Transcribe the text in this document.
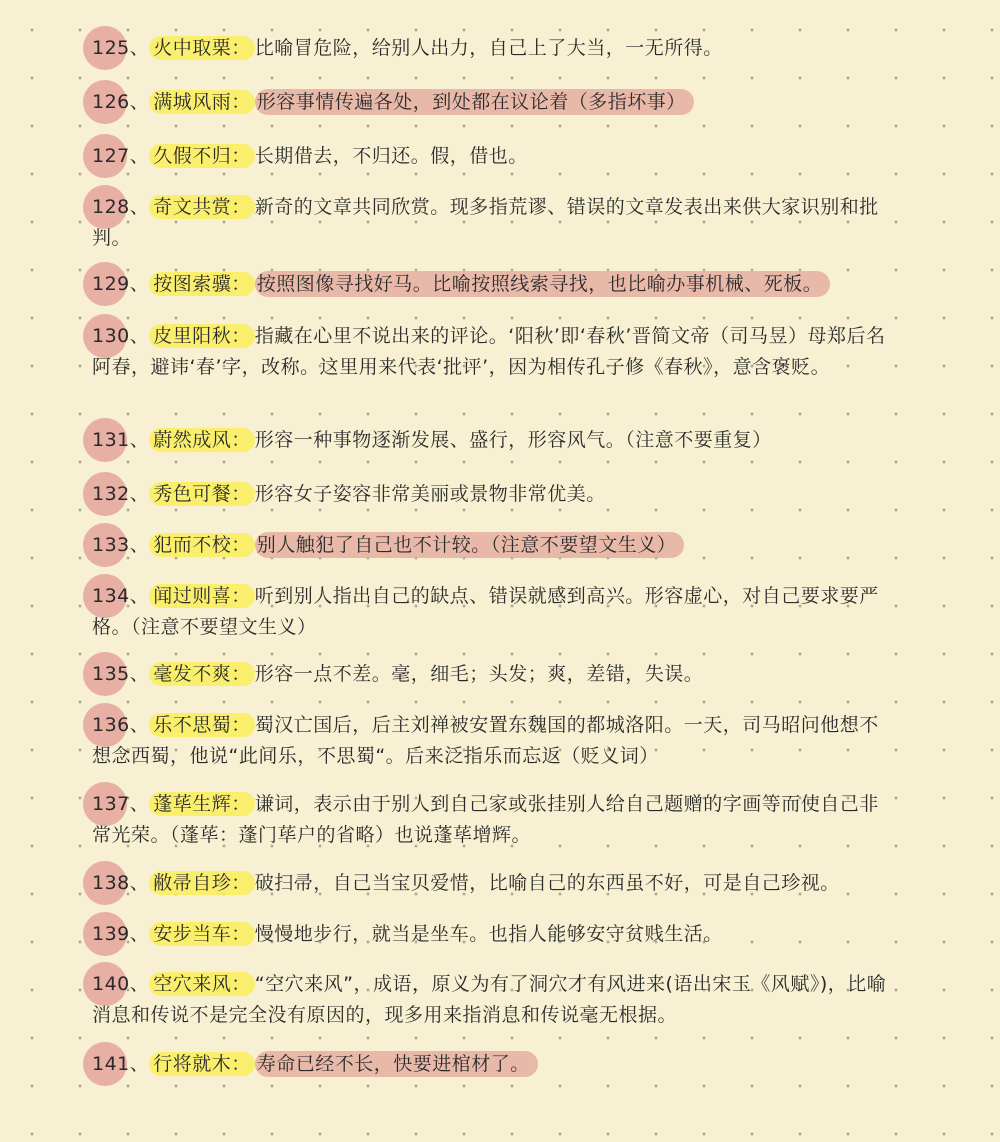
125、 火中取栗： 比喻冒危险，给别人出力，自己上了大当，一无所得。
126、 满城风雨： 形容事情传遍各处，到处都在议论着（多指坏事）
127、 久假不归： 长期借去，不归还。假，借也。
128、 奇文共赏： 新奇的文章共同欣赏。现多指荒谬、错误的文章发表出来供大家识别和批判。
129、 按图索骥： 按照图像寻找好马。比喻按照线索寻找，也比喻办事机械、死板。
130、 皮里阳秋： 指藏在心里不说出来的评论。‘阳秋’即‘春秋’晋简文帝（司马昱）母郑后名阿春，避讳‘春’字，改称。这里用来代表‘批评’，因为相传孔子修《春秋》，意含褒贬。
131、 蔚然成风： 形容一种事物逐渐发展、盛行，形容风气。（注意不要重复）
132、 秀色可餐： 形容女子姿容非常美丽或景物非常优美。
133、 犯而不校： 别人触犯了自己也不计较。（注意不要望文生义）
134、 闻过则喜： 听到别人指出自己的缺点、错误就感到高兴。形容虚心，对自己要求要严格。（注意不要望文生义）
135、 毫发不爽： 形容一点不差。毫，细毛；头发；爽，差错，失误。
136、 乐不思蜀： 蜀汉亡国后，后主刘禅被安置东魏国的都城洛阳。一天，司马昭问他想不想念西蜀，他说“此间乐，不思蜀“。后来泛指乐而忘返（贬义词）
137、 蓬荜生辉： 谦词，表示由于别人到自己家或张挂别人给自己题赠的字画等而使自己非常光荣。（蓬荜：蓬门荜户的省略）也说蓬荜增辉。
138、 敝帚自珍： 破扫帚，自己当宝贝爱惜，比喻自己的东西虽不好，可是自己珍视。
139、 安步当车： 慢慢地步行，就当是坐车。也指人能够安守贫贱生活。
140、 空穴来风： “空穴来风”，成语，原义为有了洞穴才有风进来(语出宋玉《风赋》)，比喻消息和传说不是完全没有原因的，现多用来指消息和传说毫无根据。
141、 行将就木： 寿命已经不长，快要进棺材了。
